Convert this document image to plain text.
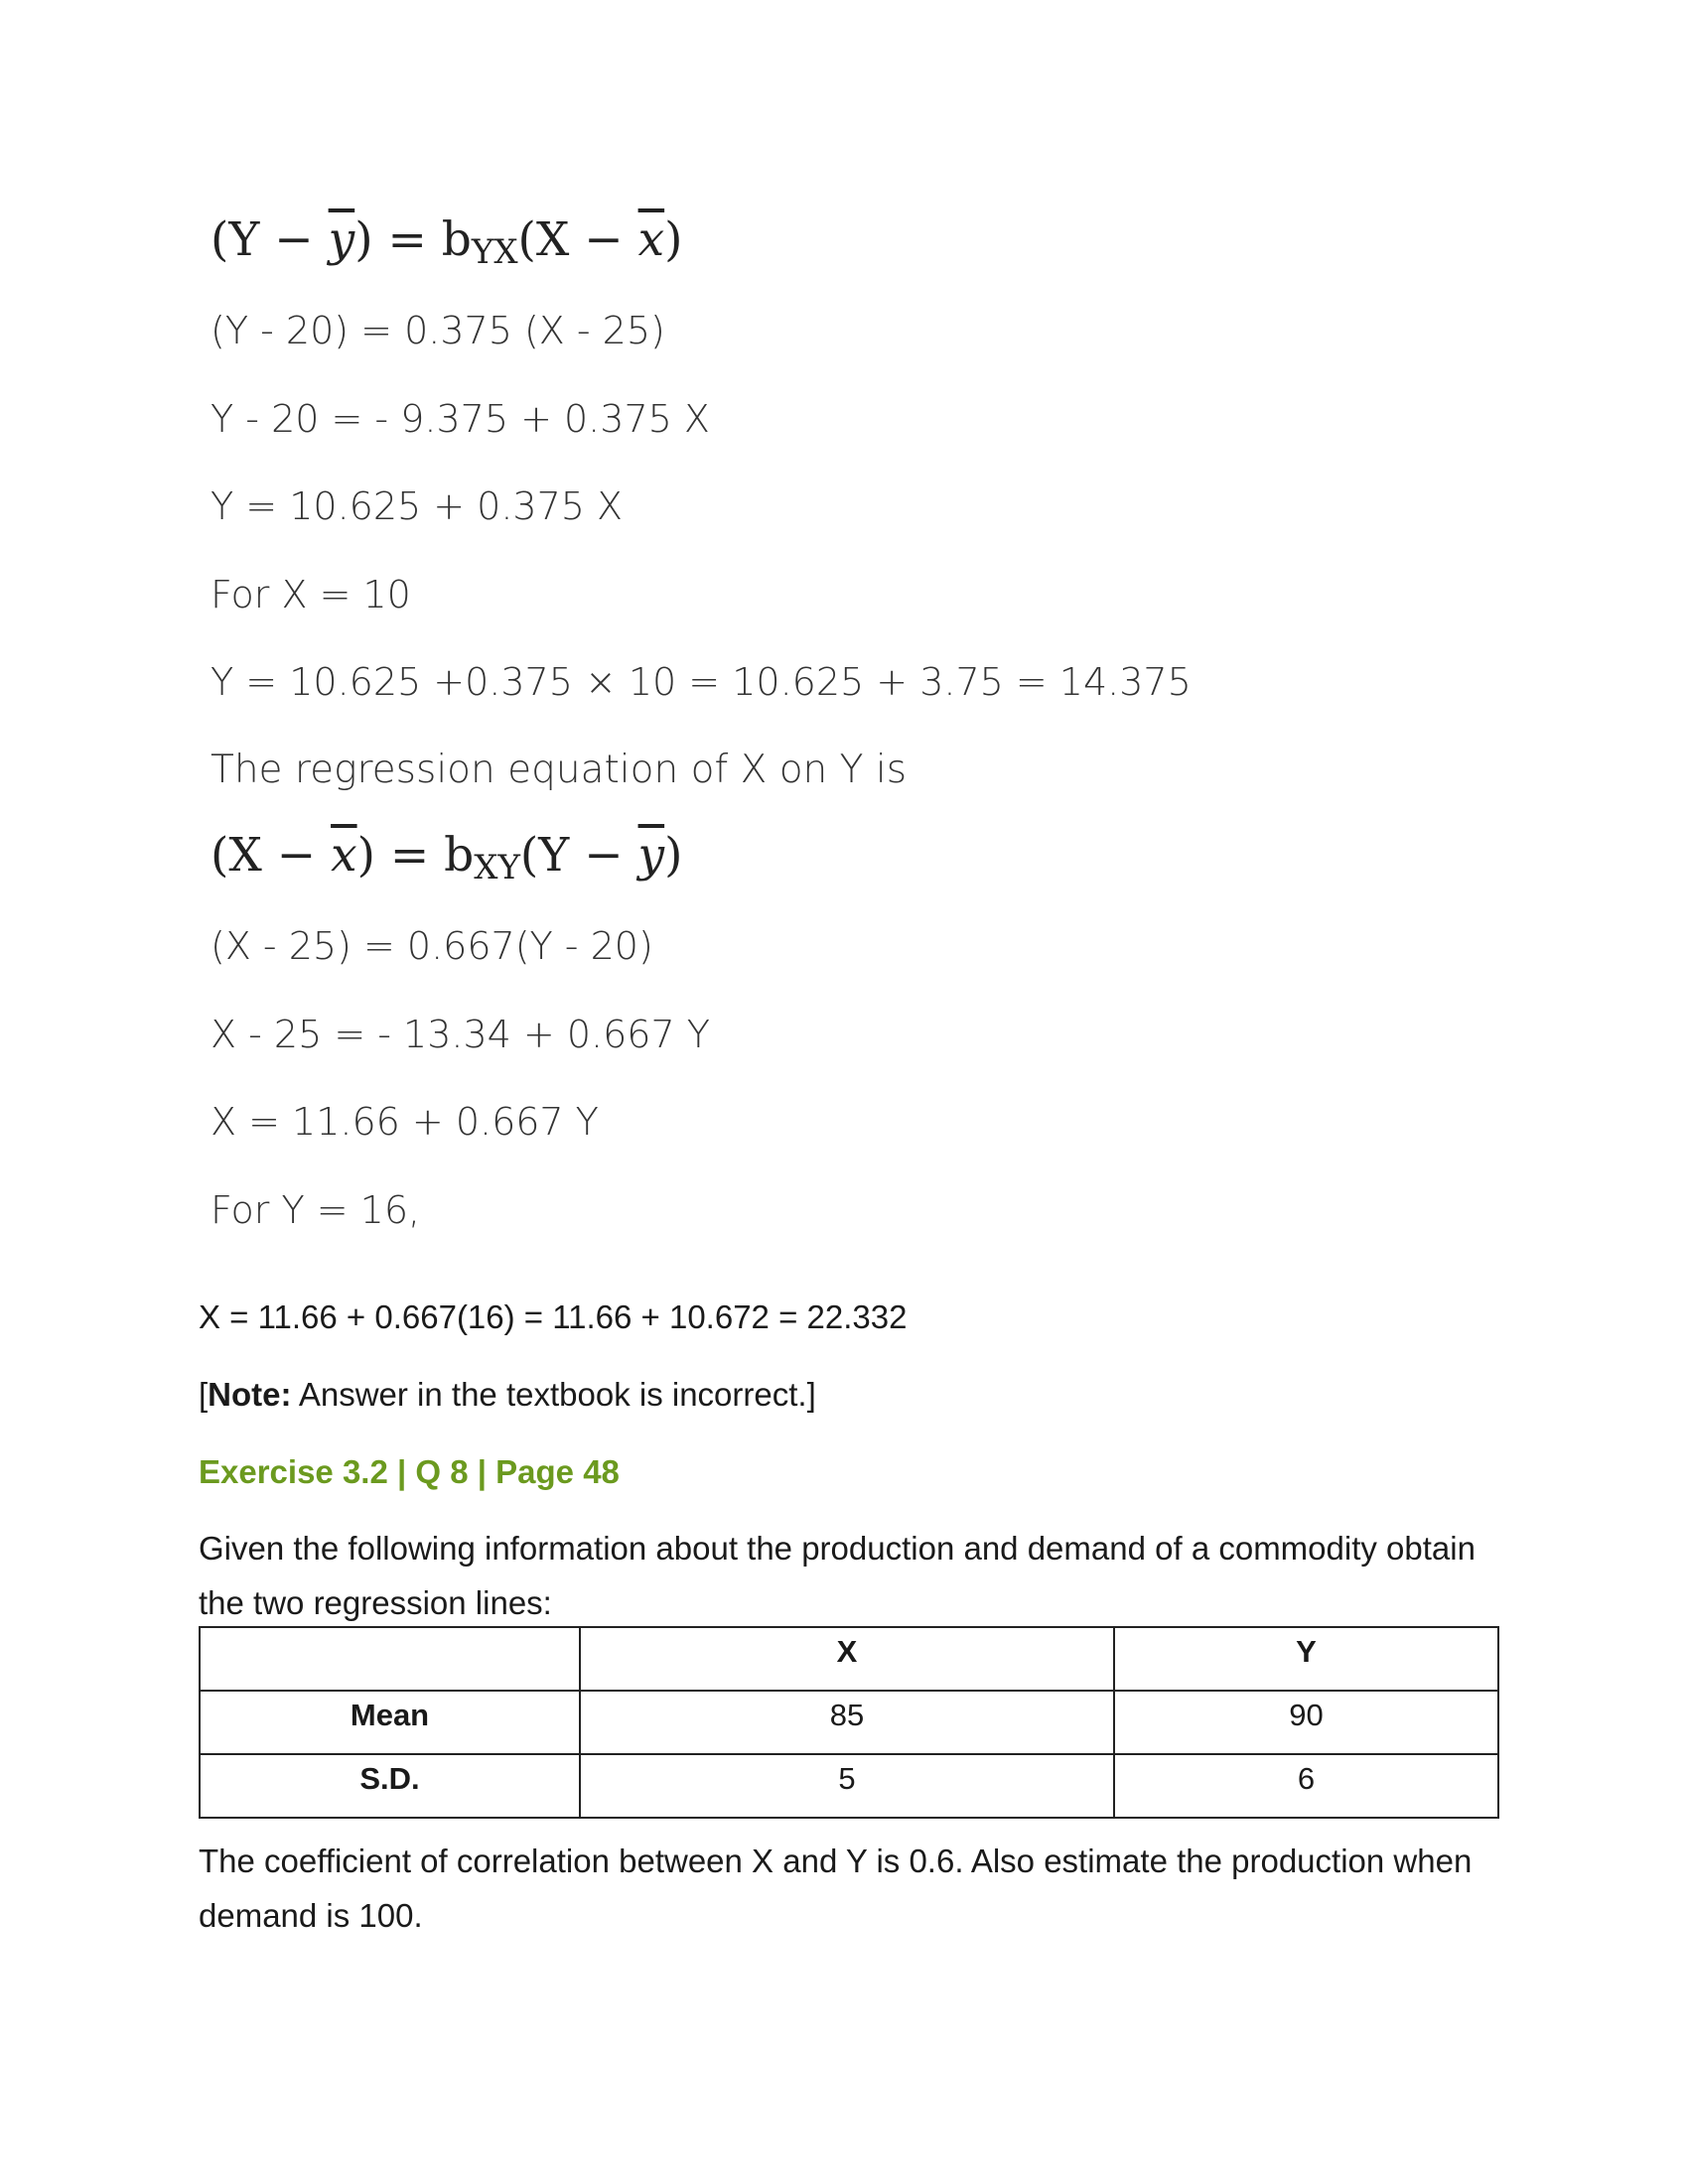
$(Y - \overline{y}) = b_{YX}(X - \overline{x})$
(Y - 20) = 0.375 (X - 25)
Y - 20 = - 9.375 + 0.375 X
Y = 10.625 + 0.375 X
For X = 10
Y = 10.625 +0.375 × 10 = 10.625 + 3.75 = 14.375
The regression equation of X on Y is
$(X - \overline{x}) = b_{XY}(Y - \overline{y})$
(X - 25) = 0.667(Y - 20)
X - 25 = - 13.34 + 0.667 Y
X = 11.66 + 0.667 Y
For Y = 16,
X = 11.66 + 0.667(16) = 11.66 + 10.672 = 22.332
[Note: Answer in the textbook is incorrect.]
Exercise 3.2 | Q 8 | Page 48
Given the following information about the production and demand of a commodity obtain
the two regression lines:
	X	Y
Mean	85	90
S.D.	5	6
The coefficient of correlation between X and Y is 0.6. Also estimate the production when
demand is 100.
